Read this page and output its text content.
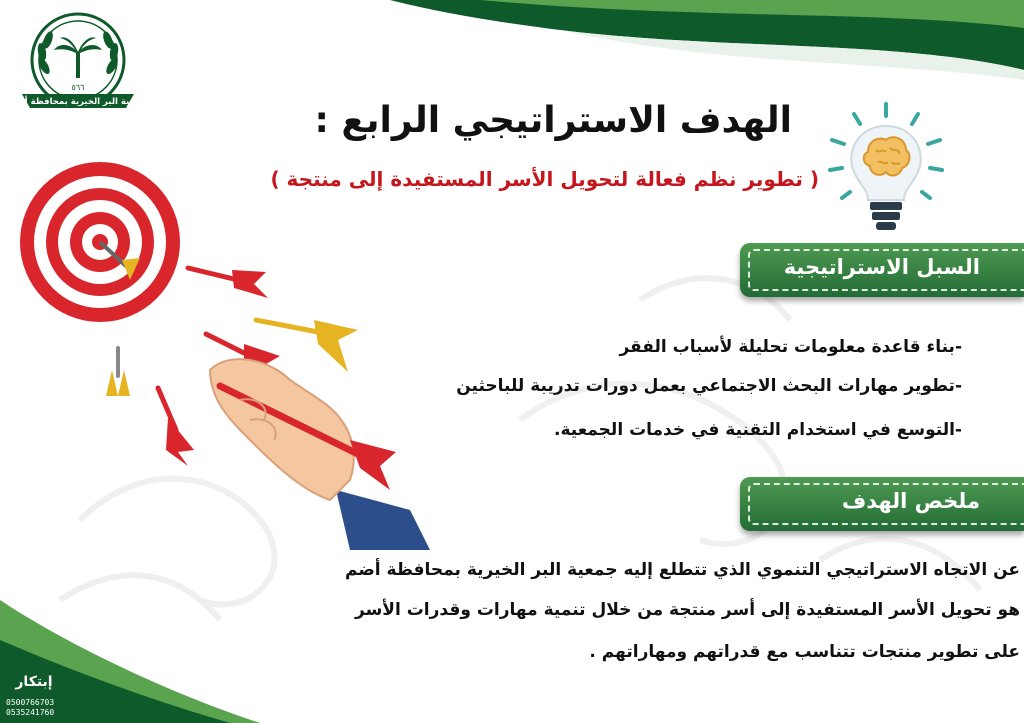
٥٦٦
جمعية البر الخيرية بمحافظة أضم	الهدف الاستراتيجي الرابع :
( تطوير نظم فعالة لتحويل الأسر المستفيدة إلى منتجة )
السبل الاستراتيجية
-بناء قاعدة معلومات تحليلة لأسباب الفقر
-تطوير مهارات البحث الاجتماعي بعمل دورات تدريبة للباحثين
-التوسع في استخدام التقنية في خدمات الجمعية.
ملخص الهدف
عن الاتجاه الاستراتيجي التنموي الذي تتطلع إليه جمعية البر الخيرية بمحافظة أضم
هو تحويل الأسر المستفيدة إلى أسر منتجة من خلال تنمية مهارات وقدرات الأسر
على تطوير منتجات تتناسب مع قدراتهم ومهاراتهم .
إبتكار
0500766703
0535241760
